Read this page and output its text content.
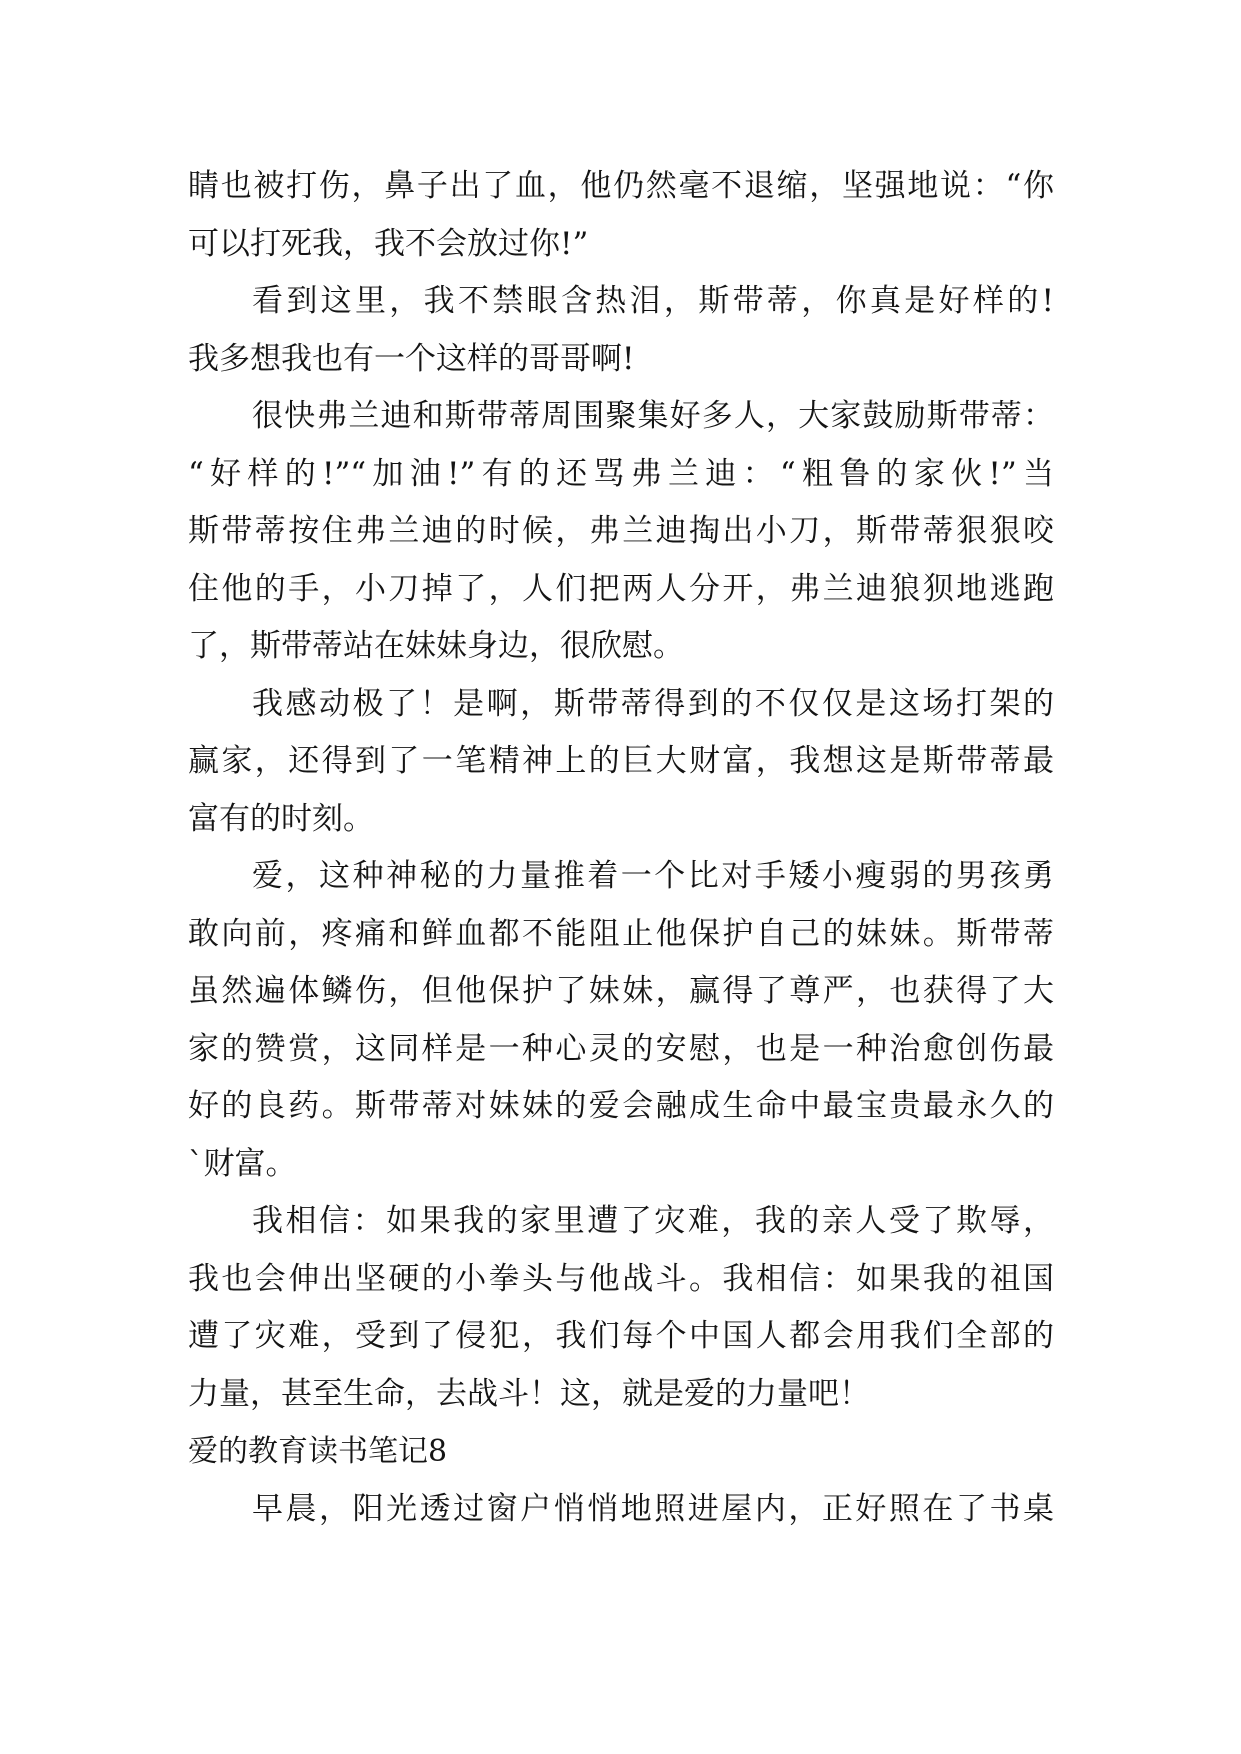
睛也被打伤，鼻子出了血，他仍然毫不退缩，坚强地说：“你
可以打死我，我不会放过你!”
看到这里，我不禁眼含热泪，斯带蒂，你真是好样的!
我多想我也有一个这样的哥哥啊!
很快弗兰迪和斯带蒂周围聚集好多人，大家鼓励斯带蒂：
“好样的!”“加油!”有的还骂弗兰迪：“粗鲁的家伙!”当
斯带蒂按住弗兰迪的时候，弗兰迪掏出小刀，斯带蒂狠狠咬
住他的手，小刀掉了，人们把两人分开，弗兰迪狼狈地逃跑
了，斯带蒂站在妹妹身边，很欣慰。
我感动极了！是啊，斯带蒂得到的不仅仅是这场打架的
赢家，还得到了一笔精神上的巨大财富，我想这是斯带蒂最
富有的时刻。
爱，这种神秘的力量推着一个比对手矮小瘦弱的男孩勇
敢向前，疼痛和鲜血都不能阻止他保护自己的妹妹。斯带蒂
虽然遍体鳞伤，但他保护了妹妹，赢得了尊严，也获得了大
家的赞赏，这同样是一种心灵的安慰，也是一种治愈创伤最
好的良药。斯带蒂对妹妹的爱会融成生命中最宝贵最永久的
`财富。
我相信：如果我的家里遭了灾难，我的亲人受了欺辱，
我也会伸出坚硬的小拳头与他战斗。我相信：如果我的祖国
遭了灾难，受到了侵犯，我们每个中国人都会用我们全部的
力量，甚至生命，去战斗！这，就是爱的力量吧！
爱的教育读书笔记8
早晨，阳光透过窗户悄悄地照进屋内，正好照在了书桌
